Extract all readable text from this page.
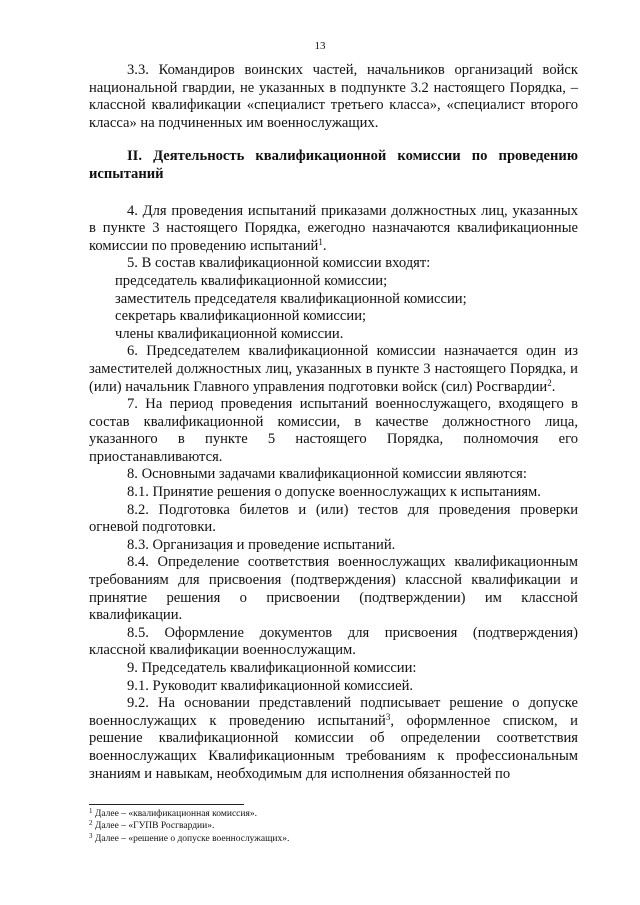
13

3.3. Командиров воинских частей, начальников организаций войск национальной гвардии, не указанных в подпункте 3.2 настоящего Порядка, – классной квалификации «специалист третьего класса», «специалист второго класса» на подчиненных им военнослужащих.

II. Деятельность квалификационной комиссии по проведению испытаний

4. Для проведения испытаний приказами должностных лиц, указанных в пункте 3 настоящего Порядка, ежегодно назначаются квалификационные комиссии по проведению испытаний$^1$.

5. В состав квалификационной комиссии входят:

председатель квалификационной комиссии;

заместитель председателя квалификационной комиссии;

секретарь квалификационной комиссии;

члены квалификационной комиссии.

6. Председателем квалификационной комиссии назначается один из заместителей должностных лиц, указанных в пункте 3 настоящего Порядка, и (или) начальник Главного управления подготовки войск (сил) Росгвардии$^2$.

7. На период проведения испытаний военнослужащего, входящего в состав квалификационной комиссии, в качестве должностного лица, указанного в пункте 5 настоящего Порядка, полномочия его приостанавливаются.

8. Основными задачами квалификационной комиссии являются:

8.1. Принятие решения о допуске военнослужащих к испытаниям.

8.2. Подготовка билетов и (или) тестов для проведения проверки огневой подготовки.

8.3. Организация и проведение испытаний.

8.4. Определение соответствия военнослужащих квалификационным требованиям для присвоения (подтверждения) классной квалификации и принятие решения о присвоении (подтверждении) им классной квалификации.

8.5. Оформление документов для присвоения (подтверждения) классной квалификации военнослужащим.

9. Председатель квалификационной комиссии:

9.1. Руководит квалификационной комиссией.

9.2. На основании представлений подписывает решение о допуске военнослужащих к проведению испытаний$^3$, оформленное списком, и решение квалификационной комиссии об определении соответствия военнослужащих Квалификационным требованиям к профессиональным знаниям и навыкам, необходимым для исполнения обязанностей по

$^1$ Далее – «квалификационная комиссия».
$^2$ Далее – «ГУПВ Росгвардии».
$^3$ Далее – «решение о допуске военнослужащих».
